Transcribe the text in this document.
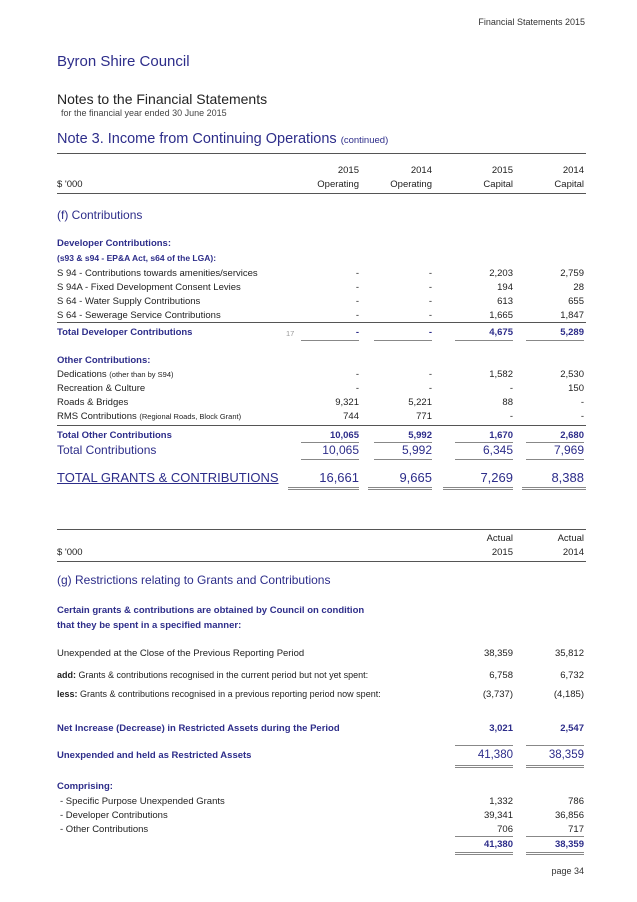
Financial Statements 2015
Byron Shire Council
Notes to the Financial Statements
for the financial year ended 30 June 2015
Note 3. Income from Continuing Operations (continued)
2015	2014	2015	2014
$ '000	Operating	Operating	Capital	Capital
(f) Contributions
Developer Contributions:
(s93 & s94 - EP&A Act, s64 of the LGA):
S 94 - Contributions towards amenities/services	-	-	2,203	2,759
S 94A - Fixed Development Consent Levies	-	-	194	28
S 64 - Water Supply Contributions	-	-	613	655
S 64 - Sewerage Service Contributions	-	-	1,665	1,847
Total Developer Contributions	17	-	-	4,675	5,289
Other Contributions:
Dedications (other than by S94)	-	-	1,582	2,530
Recreation & Culture	-	-	-	150
Roads & Bridges	9,321	5,221	88	-
RMS Contributions (Regional Roads, Block Grant)	744	771	-	-
Total Other Contributions	10,065	5,992	1,670	2,680
Total Contributions	10,065	5,992	6,345	7,969
TOTAL GRANTS & CONTRIBUTIONS	16,661	9,665	7,269	8,388
Actual	Actual
$ '000	2015	2014
(g) Restrictions relating to Grants and Contributions
Certain grants & contributions are obtained by Council on condition
that they be spent in a specified manner:
Unexpended at the Close of the Previous Reporting Period	38,359	35,812
add: Grants & contributions recognised in the current period but not yet spent:	6,758	6,732
less: Grants & contributions recognised in a previous reporting period now spent:	(3,737)	(4,185)
Net Increase (Decrease) in Restricted Assets during the Period	3,021	2,547
Unexpended and held as Restricted Assets	41,380	38,359
Comprising:
- Specific Purpose Unexpended Grants	1,332	786
- Developer Contributions	39,341	36,856
- Other Contributions	706	717
41,380	38,359
page 34
